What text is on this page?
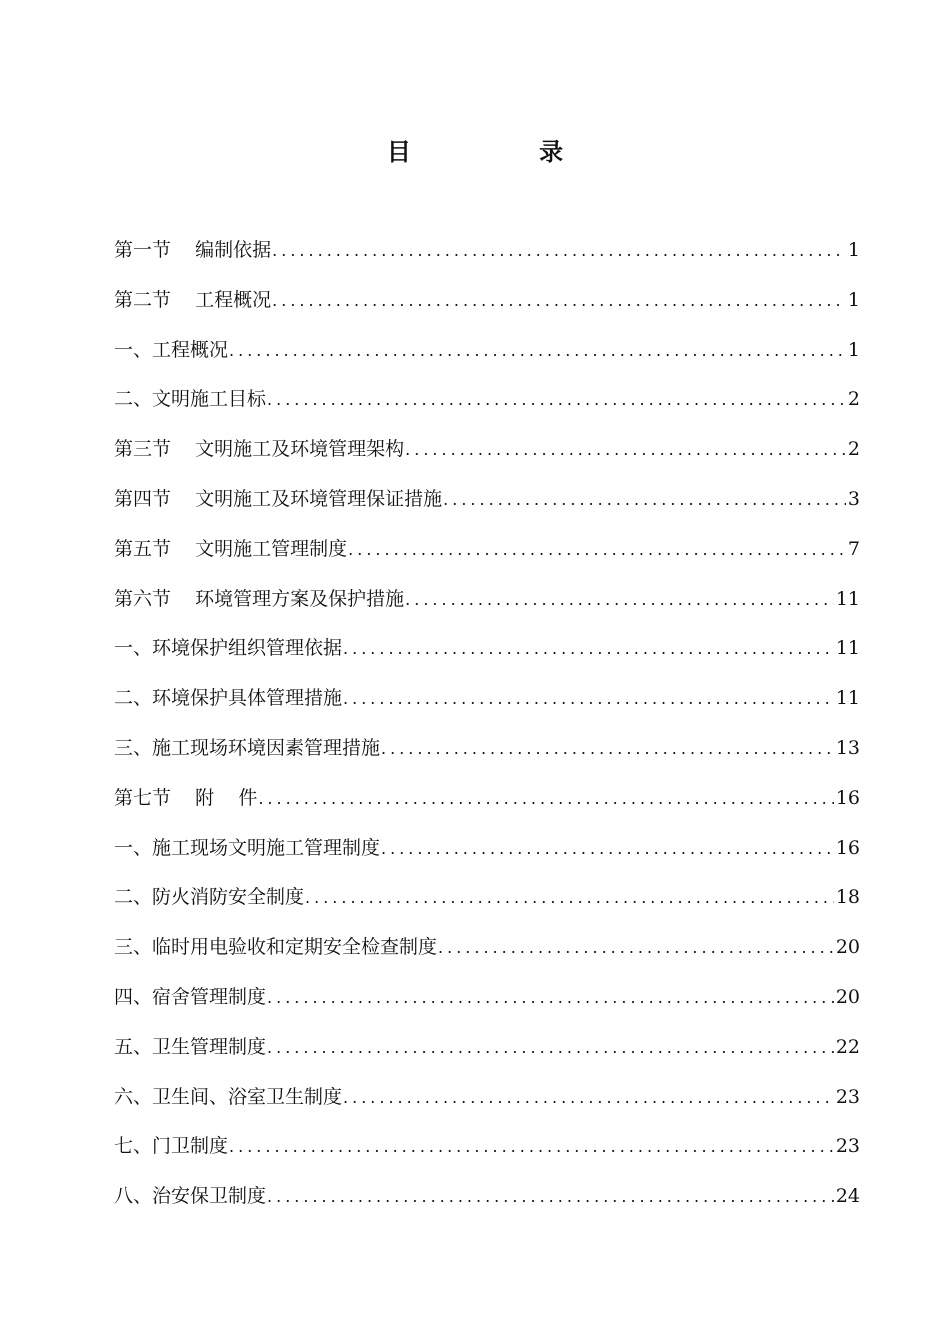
目 录
第一节    编制依据 .....	1
第二节    工程概况 .....	1
一、工程概况 .....	1
二、文明施工目标 .....	2
第三节    文明施工及环境管理架构 .....	2
第四节    文明施工及环境管理保证措施 .....	3
第五节    文明施工管理制度 .....	7
第六节    环境管理方案及保护措施 .....	11
一、环境保护组织管理依据 .....	11
二、环境保护具体管理措施 .....	11
三、施工现场环境因素管理措施 .....	13
第七节    附    件 .....	16
一、施工现场文明施工管理制度 .....	16
二、防火消防安全制度 .....	18
三、临时用电验收和定期安全检查制度 .....	20
四、宿舍管理制度 .....	20
五、卫生管理制度 .....	22
六、卫生间、浴室卫生制度 .....	23
七、门卫制度 .....	23
八、治安保卫制度 .....	24
